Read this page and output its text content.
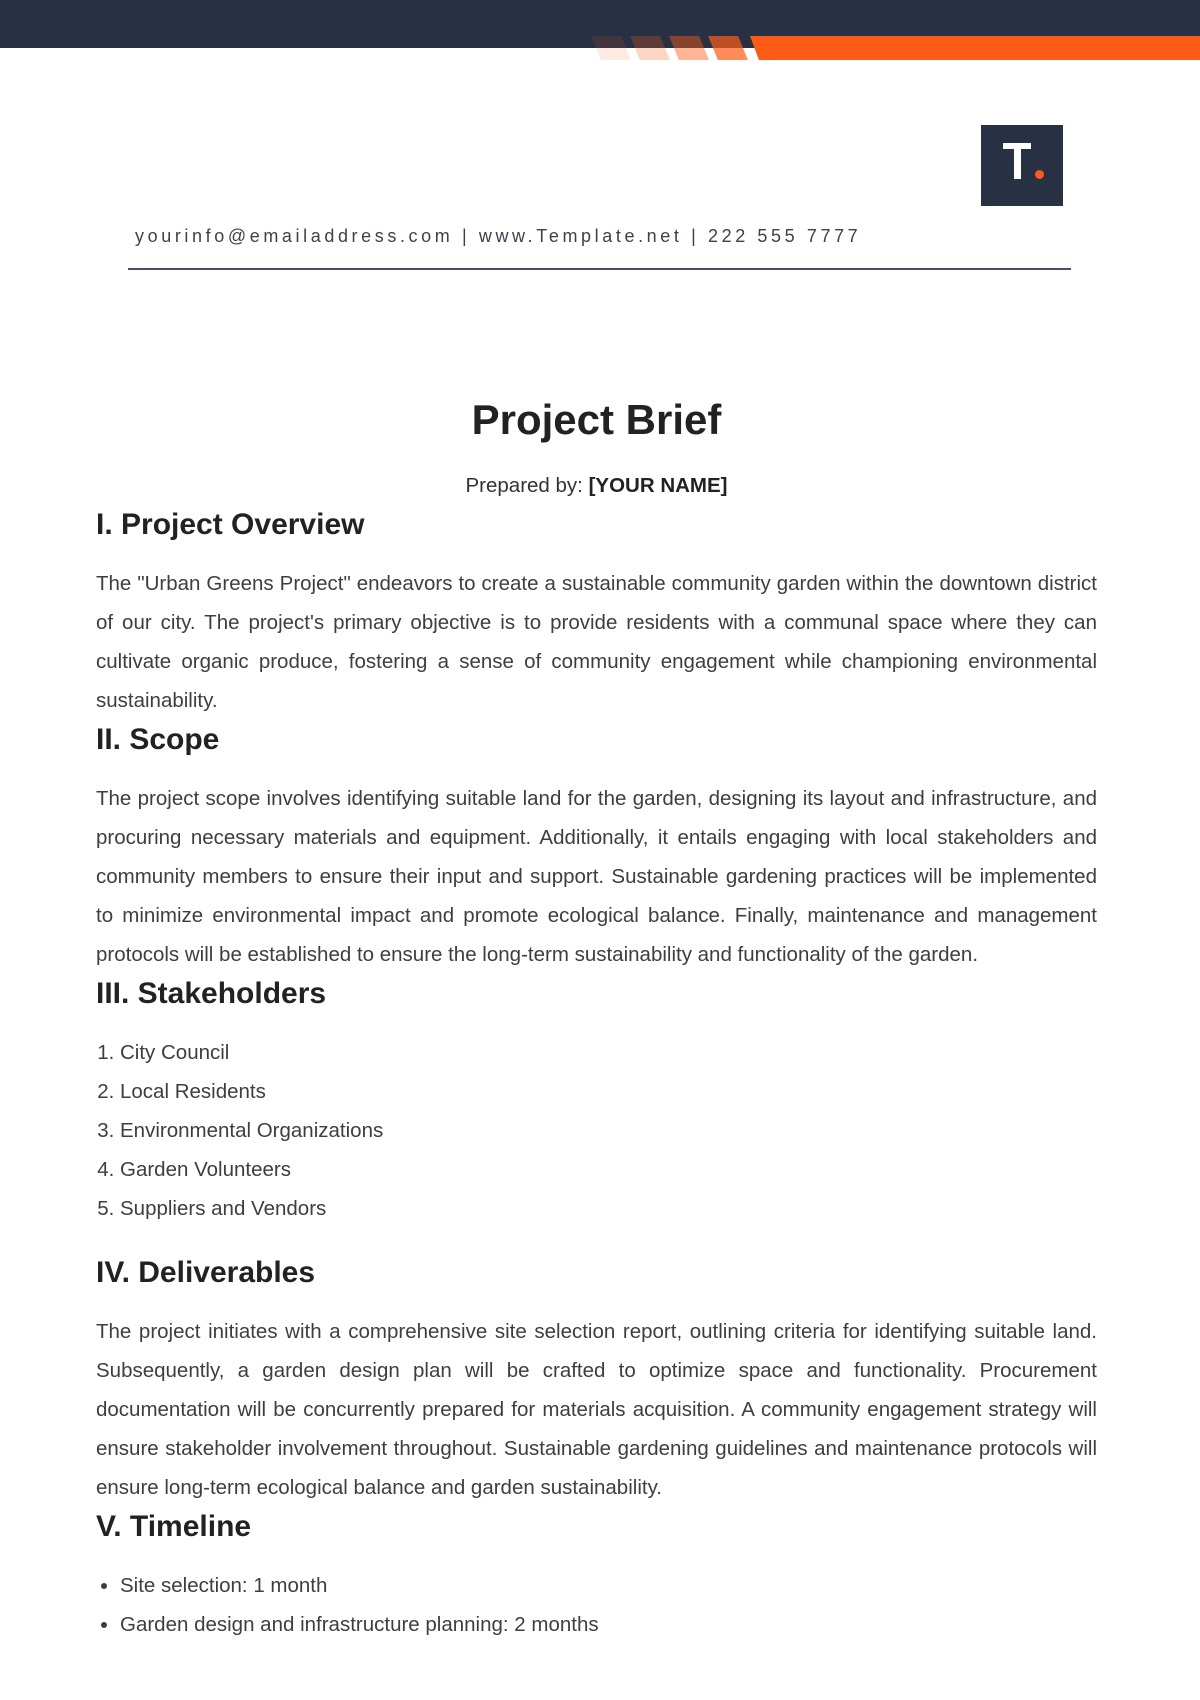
yourinfo@emailaddress.com | www.Template.net | 222 555 7777
Project Brief
Prepared by: [YOUR NAME]
I. Project Overview

The "Urban Greens Project" endeavors to create a sustainable community garden within the downtown district of our city. The project's primary objective is to provide residents with a communal space where they can cultivate organic produce, fostering a sense of community engagement while championing environmental sustainability.

II. Scope

The project scope involves identifying suitable land for the garden, designing its layout and infrastructure, and procuring necessary materials and equipment. Additionally, it entails engaging with local stakeholders and community members to ensure their input and support. Sustainable gardening practices will be implemented to minimize environmental impact and promote ecological balance. Finally, maintenance and management protocols will be established to ensure the long-term sustainability and functionality of the garden.

III. Stakeholders
1. City Council
2. Local Residents
3. Environmental Organizations
4. Garden Volunteers
5. Suppliers and Vendors
IV. Deliverables

The project initiates with a comprehensive site selection report, outlining criteria for identifying suitable land. Subsequently, a garden design plan will be crafted to optimize space and functionality. Procurement documentation will be concurrently prepared for materials acquisition. A community engagement strategy will ensure stakeholder involvement throughout. Sustainable gardening guidelines and maintenance protocols will ensure long-term ecological balance and garden sustainability.

V. Timeline
• Site selection: 1 month
• Garden design and infrastructure planning: 2 months
